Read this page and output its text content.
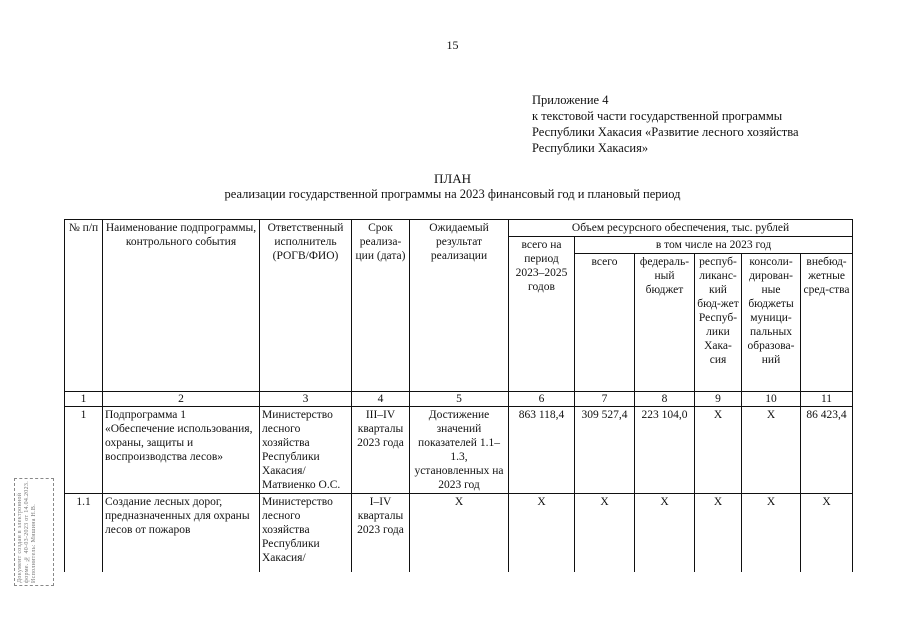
15
Приложение 4
к текстовой части государственной программы
Республики Хакасия «Развитие лесного хозяйства
Республики Хакасия»
ПЛАН
реализации государственной программы на 2023 финансовый год и плановый период
Документ создан в электронной форме. № 40-03-2023 от 14.04.2023. Исполнитель: Мишина Н.В.
№ п/п	Наименование подпрограммы, контрольного события	Ответственный исполнитель (РОГВ/ФИО)	Срок реализа-ции (дата)	Ожидаемый результат реализации	Объем ресурсного обеспечения, тыс. рублей					
					всего на период 2023–2025 годов	в том числе на 2023 год				
						всего	федераль-ный бюджет	респуб-ликанс-кий бюд-жет Респуб-лики Хака-сия	консоли-дирован-ные бюджеты муници-пальных образова-ний	внебюд-жетные сред-ства
1	2	3	4	5	6	7	8	9	10	11
1	Подпрограмма 1 «Обеспечение использования, охраны, защиты и воспроизводства лесов»	Министерство лесного хозяйства Республики Хакасия/ Матвиенко О.С.	III–IV кварталы 2023 года	Достижение значений показателей 1.1–1.3, установленных на 2023 год	863 118,4	309 527,4	223 104,0	Х	Х	86 423,4
1.1	Создание лесных дорог, предназначенных для охраны лесов от пожаров	Министерство лесного хозяйства Республики Хакасия/	I–IV кварталы 2023 года	Х	Х	Х	Х	Х	Х	Х
